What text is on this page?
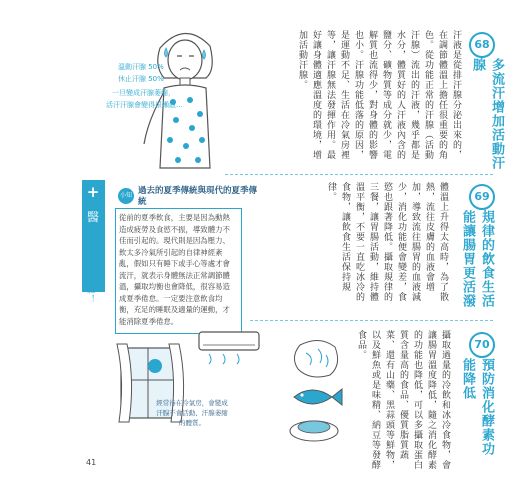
溫動汗腺 50%
休止汗腺 50%
一旦變成汗腺萎縮，
活汗汗腺會變得很懶散…
+
醫
打造健康的身體！
小知 過去的夏季傳統與現代的夏季傳統
從前的夏季飲食，主要是因為動熱造成疲勞及食慾不振，導致體力不佳而引起的。現代則是因為壓力、飲太多冷氣所引起的自律神經紊亂，假如只有睡下或手心等處才會流汗，就表示身體無法正常調節體溫，攝取均衡也會降低，很容易造成夏季倦怠。一定要注意飲食均衡，充足的睡眠及適量的運動，才能消除夏季倦怠。
經常待在冷氣房，會變成汗腺不會活動、汗腺萎縮的體質。
68
多流汗增加活動汗腺
汗液是從排汗腺分泌出來的，在調節體溫上擔任很重要的角色。從功能正常的汗腺（活動汗腺）流出的汗液，幾乎都是水分，體質好的人汗液內含的鹽分、礦物質等成分就少，電解質也流得少，對身體的影響也小。汗腺功能低落的原因，是運動不足、生活在冷氣房裡等，讓汗腺無法發揮作用。最好讓身體適應溫度的環境，增加活動汗腺。
69
規律的飲食生活能讓腸胃更活潑
體溫上升得太高時，為了散熱，流往皮膚的血液會增加，導致流往腸胃的血液減少，消化功能便會變差，食慾也跟著降低。攝取規律的三餐，讓胃腸活動，維持體溫平衡，不要一直吃冰冷的食物，讓飲食生活保持規律。
70
預防消化酵素功能降低
攝取過量的冷飲和冰冷食物，會讓腸胃溫度降低，隨之消化酵素的功能也降低，可以多攝取蛋白質含量高的食品、優質脂質蔬菜、還有山藥、黑蒜頭等鮮物，以及鮮魚或是味精、納豆等發酵食品。
41
